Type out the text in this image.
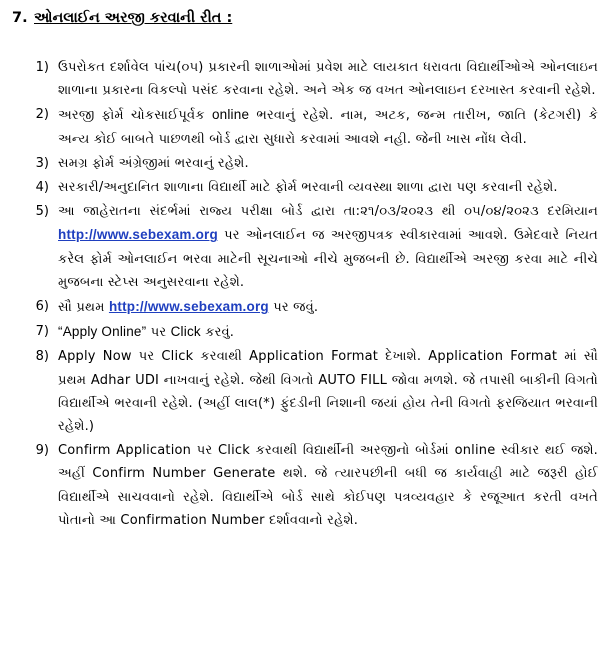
7. ઓનલાઈન અરજી કરવાની રીત :
1) ઉપરોકત દર્શાવેલ પાંચ(૦૫) પ્રકારની શાળાઓમાં પ્રવેશ માટે લાયકાત ધરાવતા વિદ્યાર્થીઓએ ઓનલાઇન શાળાના પ્રકારના વિકલ્પો પસંદ કરવાના રહેશે. અને એક જ વખત ઓનલાઇન દરખાસ્ત કરવાની રહેશે.
2) અરજી ફોર્મ ચોકસાઈપૂર્વક online ભરવાનું રહેશે. નામ, અટક, જન્મ તારીખ, જાતિ (કેટગરી) કે અન્ય કોઈ બાબતે પાછળથી બોર્ડ દ્વારા સુધારો કરવામાં આવશે નહી. જેની ખાસ નોંધ લેવી.
3) સમગ્ર ફોર્મ અંગ્રેજીમાં ભરવાનું રહેશે.
4) સરકારી/અનુદાનિત શાળાના વિદ્યાર્થી માટે ફોર્મ ભરવાની વ્યવસ્થા શાળા દ્વારા પણ કરવાની રહેશે.
5) આ જાહેરાતના સંદર્ભમાં રાજ્ય પરીક્ષા બોર્ડ દ્વારા તા:૨૧/૦૩/૨૦૨૩ થી ૦૫/૦૪/૨૦૨૩ દરમિયાન http://www.sebexam.org પર ઓનલાઈન જ અરજીપત્રક સ્વીકારવામાં આવશે. ઉમેદવારે નિયત કરેલ ફોર્મ ઓનલાઈન ભરવા માટેની સૂચનાઓ નીચે મુજબની છે. વિદ્યાર્થીએ અરજી કરવા માટે નીચે મુજબના સ્ટેપ્સ અનુસરવાના રહેશે.
6) સૌ પ્રથમ http://www.sebexam.org પર જવું.
7) “Apply Online” પર Click કરવું.
8) Apply Now પર Click કરવાથી Application Format દેખાશે. Application Format માં સૌ પ્રથમ Adhar UDI નાખવાનું રહેશે. જેથી વિગતો AUTO FILL જોવા મળશે. જે તપાસી બાકીની વિગતો વિદ્યાર્થીએ ભરવાની રહેશે. (અહીં લાલ(*) ફુંદડીની નિશાની જયાં હોય તેની વિગતો ફરજિયાત ભરવાની રહેશે.)
9) Confirm Application પર Click કરવાથી વિદ્યાર્થીની અરજીનો બોર્ડમાં online સ્વીકાર થઈ જશે. અહીં Confirm Number Generate થશે. જે ત્યારપછીની બધી જ કાર્યવાહી માટે જરૂરી હોઈ વિદ્યાર્થીએ સાચવવાનો રહેશે. વિદ્યાર્થીએ બોર્ડ સાથે કોઈપણ પત્રવ્યવહાર કે રજૂઆત કરતી વખતે પોતાનો આ Confirmation Number દર્શાવવાનો રહેશે.
